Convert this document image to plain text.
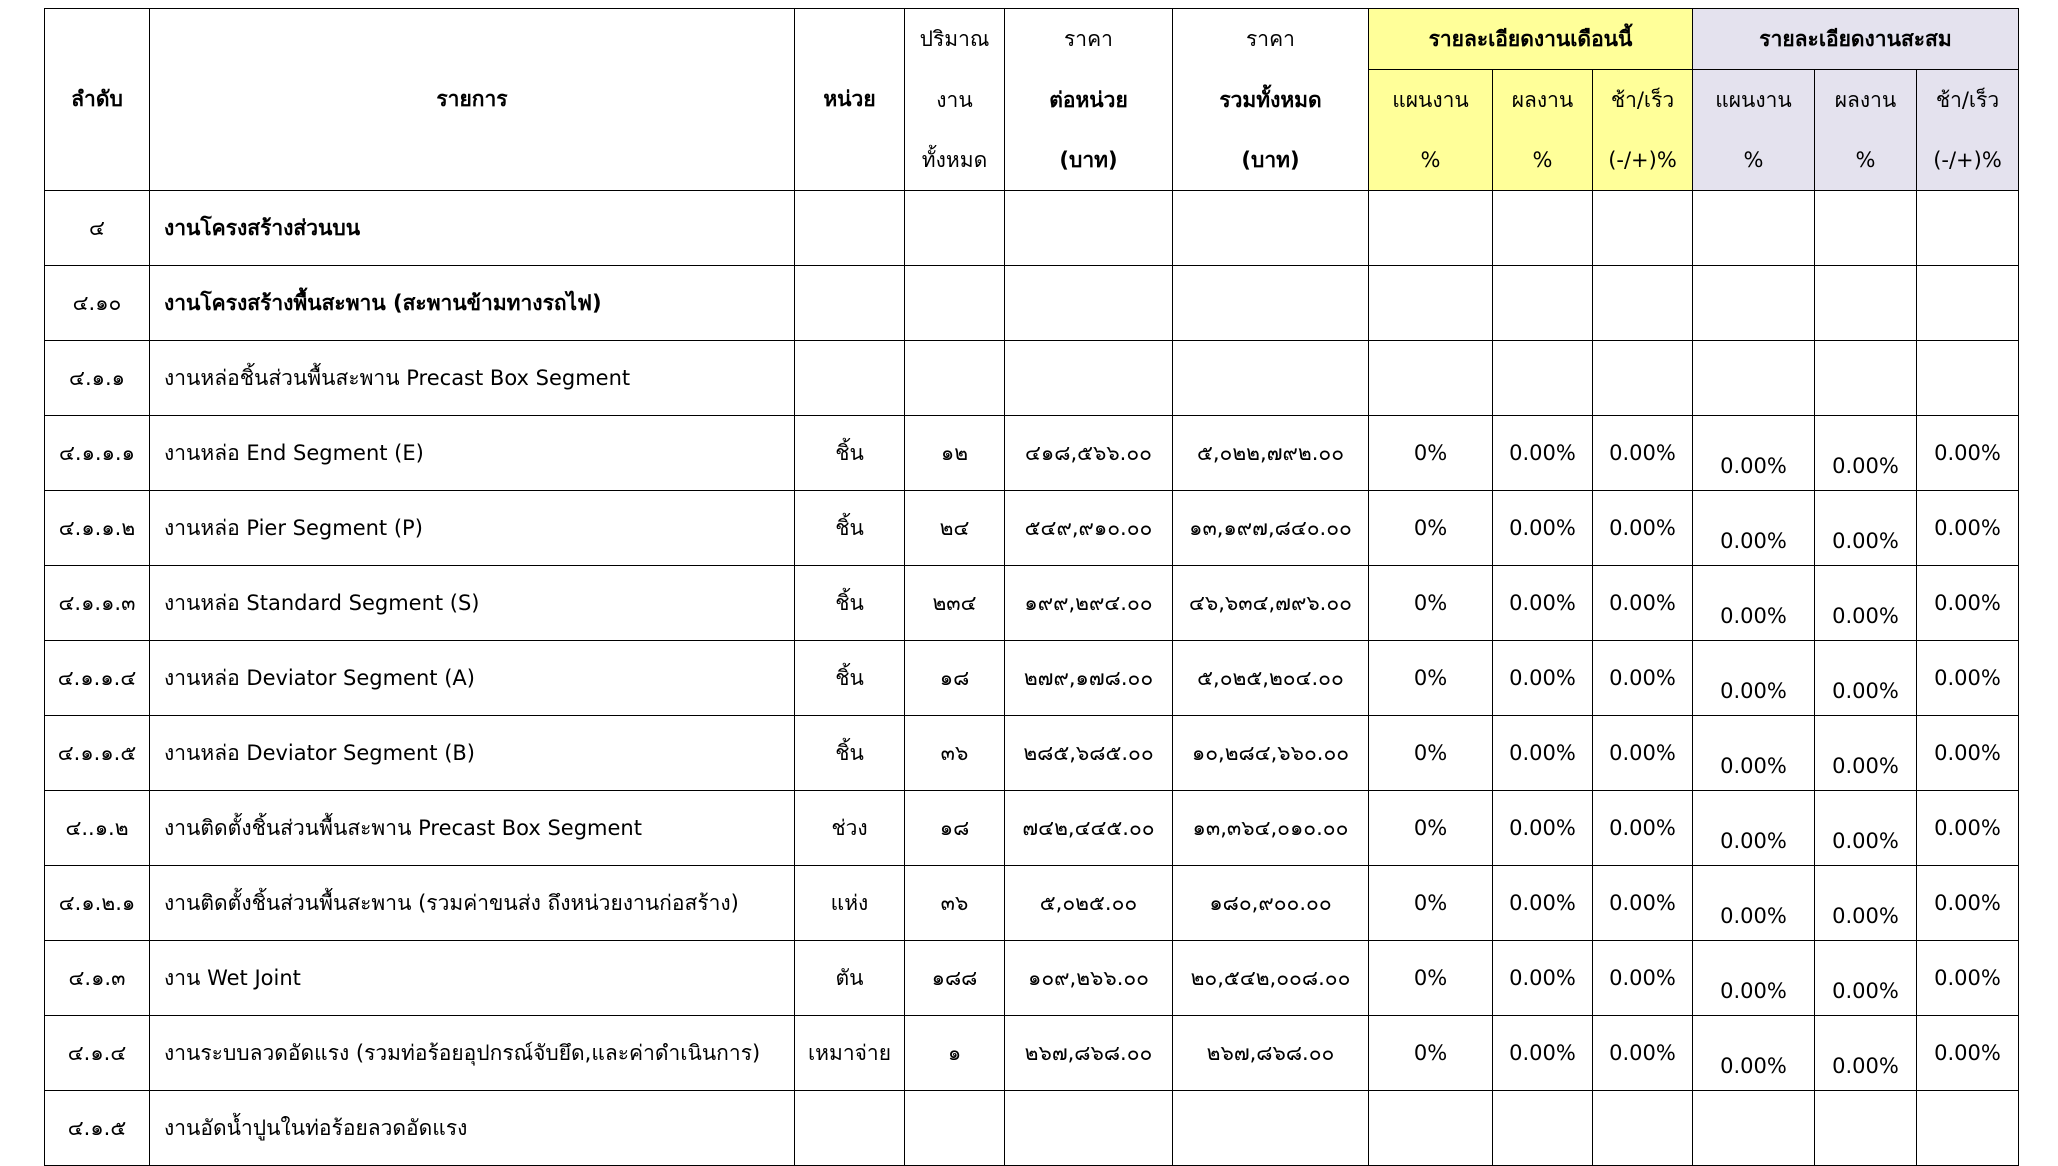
ลำดับ	รายการ	หน่วย	ปริมาณ	ราคา	ราคา	รายละเอียดงานเดือนนี้			รายละเอียดงานสะสม		
			งาน	ต่อหน่วย	รวมทั้งหมด	แผนงาน	ผลงาน	ช้า/เร็ว	แผนงาน	ผลงาน	ช้า/เร็ว
			ทั้งหมด	(บาท)	(บาท)	%	%	(-/+)%	%	%	(-/+)%
๔	งานโครงสร้างส่วนบน										
๔.๑๐	งานโครงสร้างพื้นสะพาน (สะพานข้ามทางรถไฟ)										
๔.๑.๑	งานหล่อชิ้นส่วนพื้นสะพาน Precast Box Segment										
๔.๑.๑.๑	งานหล่อ End Segment (E)	ชิ้น	๑๒	๔๑๘,๕๖๖.๐๐	๕,๐๒๒,๗๙๒.๐๐	0%	0.00%	0.00%	0.00%	0.00%	0.00%
๔.๑.๑.๒	งานหล่อ Pier Segment (P)	ชิ้น	๒๔	๕๔๙,๙๑๐.๐๐	๑๓,๑๙๗,๘๔๐.๐๐	0%	0.00%	0.00%	0.00%	0.00%	0.00%
๔.๑.๑.๓	งานหล่อ Standard Segment (S)	ชิ้น	๒๓๔	๑๙๙,๒๙๔.๐๐	๔๖,๖๓๔,๗๙๖.๐๐	0%	0.00%	0.00%	0.00%	0.00%	0.00%
๔.๑.๑.๔	งานหล่อ Deviator Segment (A)	ชิ้น	๑๘	๒๗๙,๑๗๘.๐๐	๕,๐๒๕,๒๐๔.๐๐	0%	0.00%	0.00%	0.00%	0.00%	0.00%
๔.๑.๑.๕	งานหล่อ Deviator Segment (B)	ชิ้น	๓๖	๒๘๕,๖๘๕.๐๐	๑๐,๒๘๔,๖๖๐.๐๐	0%	0.00%	0.00%	0.00%	0.00%	0.00%
๔..๑.๒	งานติดตั้งชิ้นส่วนพื้นสะพาน Precast Box Segment	ช่วง	๑๘	๗๔๒,๔๔๕.๐๐	๑๓,๓๖๔,๐๑๐.๐๐	0%	0.00%	0.00%	0.00%	0.00%	0.00%
๔.๑.๒.๑	งานติดตั้งชิ้นส่วนพื้นสะพาน (รวมค่าขนส่ง ถึงหน่วยงานก่อสร้าง)	แห่ง	๓๖	๕,๐๒๕.๐๐	๑๘๐,๙๐๐.๐๐	0%	0.00%	0.00%	0.00%	0.00%	0.00%
๔.๑.๓	งาน Wet Joint	ตัน	๑๘๘	๑๐๙,๒๖๖.๐๐	๒๐,๕๔๒,๐๐๘.๐๐	0%	0.00%	0.00%	0.00%	0.00%	0.00%
๔.๑.๔	งานระบบลวดอัดแรง (รวมท่อร้อยอุปกรณ์จับยึด,และค่าดำเนินการ)	เหมาจ่าย	๑	๒๖๗,๘๖๘.๐๐	๒๖๗,๘๖๘.๐๐	0%	0.00%	0.00%	0.00%	0.00%	0.00%
๔.๑.๕	งานอัดน้ำปูนในท่อร้อยลวดอัดแรง										
